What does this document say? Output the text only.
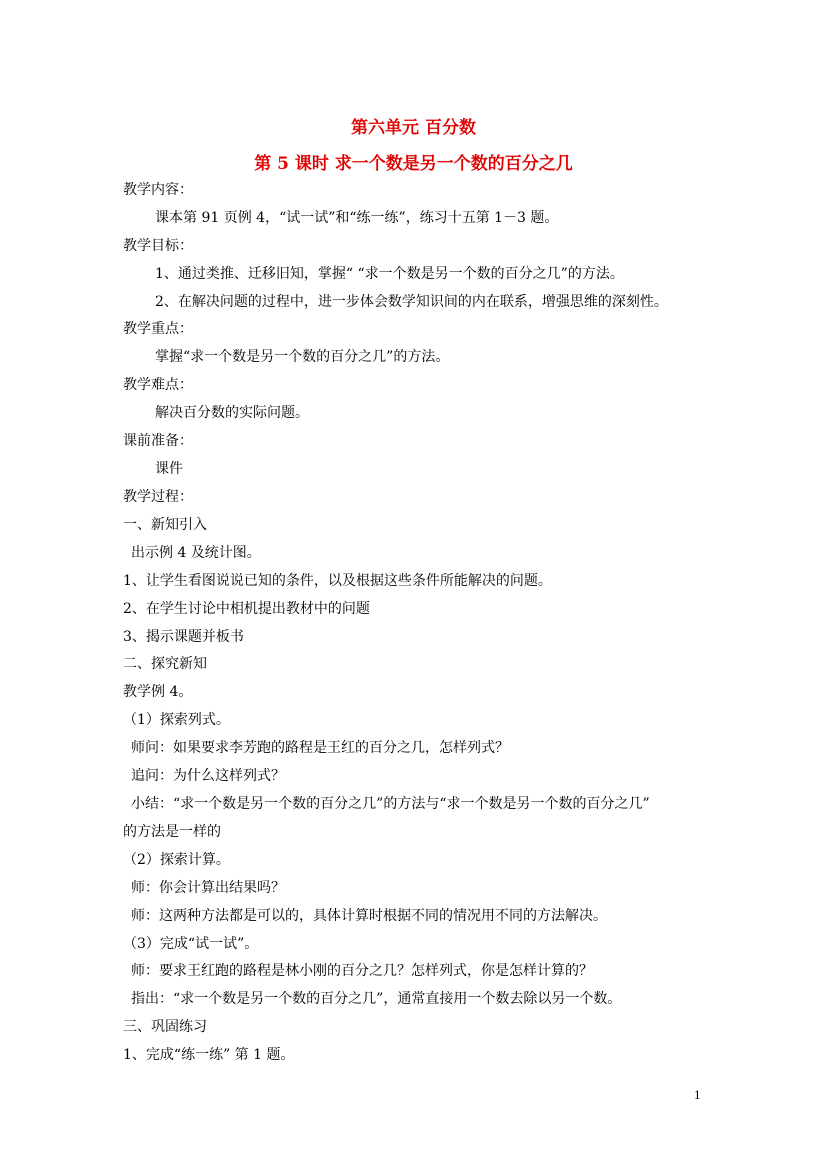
第六单元 百分数
第 5 课时 求一个数是另一个数的百分之几
教学内容：
课本第 91 页例 4，“试一试”和“练一练”，练习十五第 1－3 题。
教学目标：
1、通过类推、迁移旧知，掌握“ “求一个数是另一个数的百分之几”的方法。
2、在解决问题的过程中，进一步体会数学知识间的内在联系，增强思维的深刻性。
教学重点：
掌握“求一个数是另一个数的百分之几”的方法。
教学难点：
解决百分数的实际问题。
课前准备：
课件
教学过程：
一、新知引入
出示例 4 及统计图。
1、让学生看图说说已知的条件，以及根据这些条件所能解决的问题。
2、在学生讨论中相机提出教材中的问题
3、揭示课题并板书
二、探究新知
教学例 4。
（1）探索列式。
师问：如果要求李芳跑的路程是王红的百分之几，怎样列式？
追问：为什么这样列式？
小结：“求一个数是另一个数的百分之几”的方法与“求一个数是另一个数的百分之几”
的方法是一样的
（2）探索计算。
师：你会计算出结果吗？
师：这两种方法都是可以的，具体计算时根据不同的情况用不同的方法解决。
（3）完成“试一试”。
师：要求王红跑的路程是林小刚的百分之几？怎样列式，你是怎样计算的？
指出：“求一个数是另一个数的百分之几”，通常直接用一个数去除以另一个数。
三、巩固练习
1、完成“练一练” 第 1 题。
1
